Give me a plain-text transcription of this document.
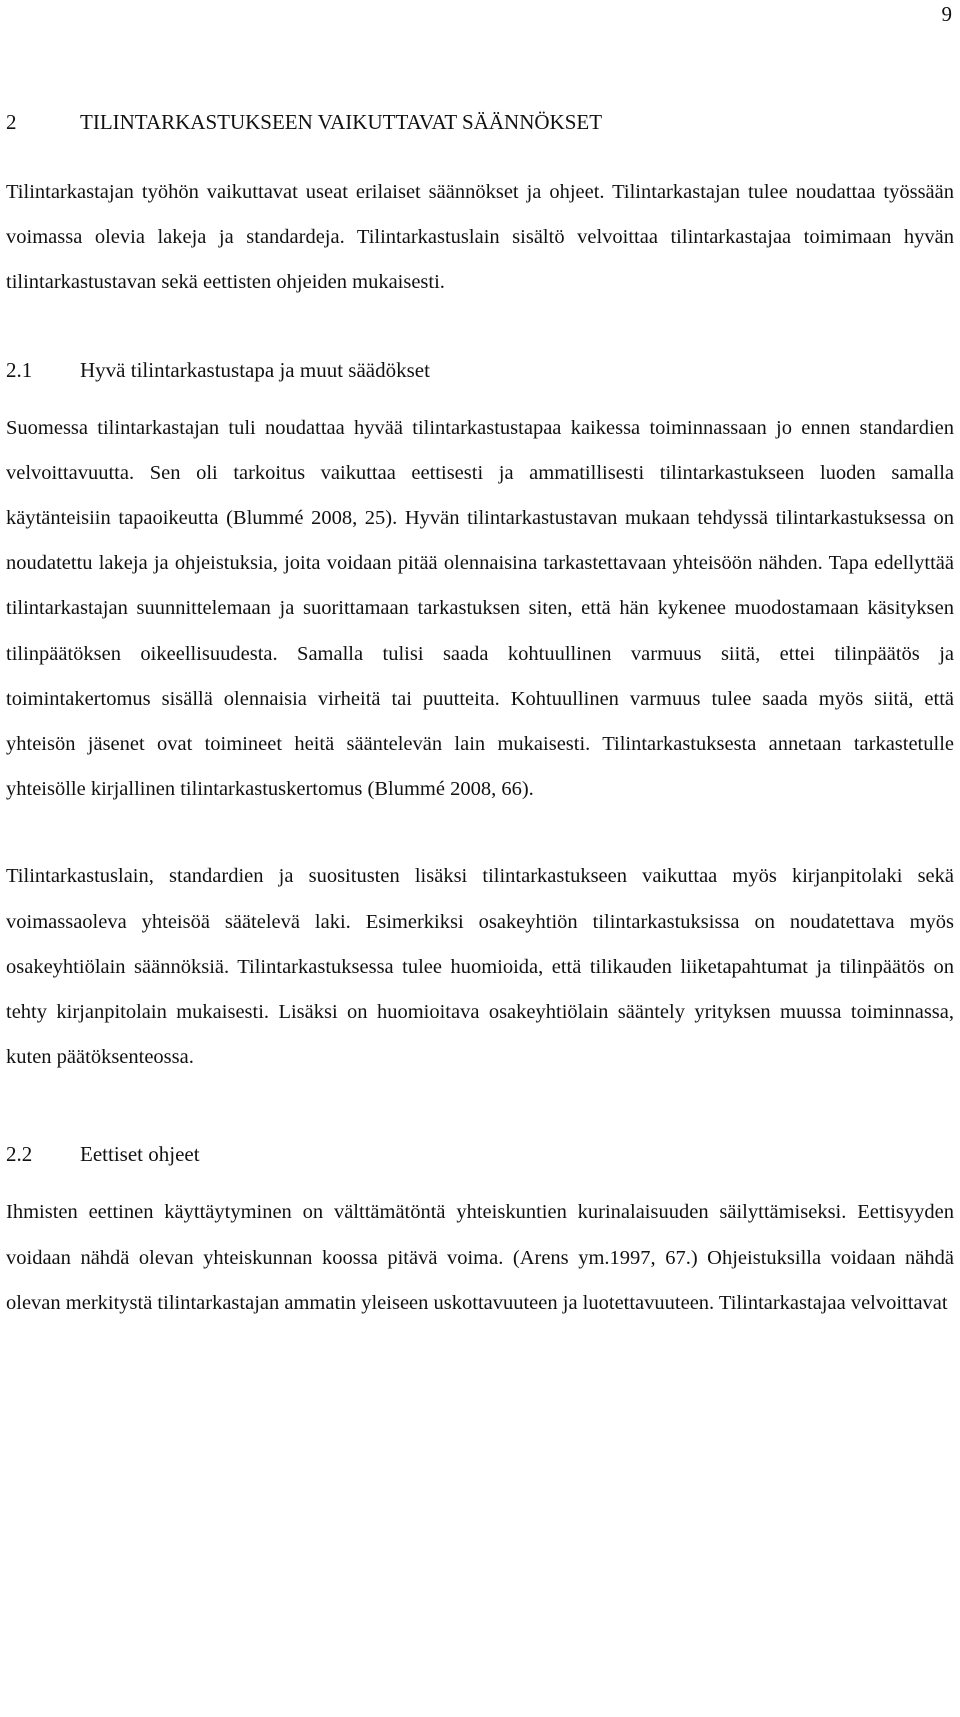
9
2	TILINTARKASTUKSEEN VAIKUTTAVAT SÄÄNNÖKSET

Tilintarkastajan työhön vaikuttavat useat erilaiset säännökset ja ohjeet. Tilintarkastajan tulee noudattaa työssään voimassa olevia lakeja ja standardeja. Tilintarkastuslain sisältö velvoittaa tilintarkastajaa toimimaan hyvän tilintarkastustavan sekä eettisten ohjeiden mukaisesti.

2.1	Hyvä tilintarkastustapa ja muut säädökset

Suomessa tilintarkastajan tuli noudattaa hyvää tilintarkastustapaa kaikessa toiminnassaan jo ennen standardien velvoittavuutta. Sen oli tarkoitus vaikuttaa eettisesti ja ammatillisesti tilintarkastukseen luoden samalla käytänteisiin tapaoikeutta (Blummé 2008, 25). Hyvän tilintarkastustavan mukaan tehdyssä tilintarkastuksessa on noudatettu lakeja ja ohjeistuksia, joita voidaan pitää olennaisina tarkastettavaan yhteisöön nähden. Tapa edellyttää tilintarkastajan suunnittelemaan ja suorittamaan tarkastuksen siten, että hän kykenee muodostamaan käsityksen tilinpäätöksen oikeellisuudesta. Samalla tulisi saada kohtuullinen varmuus siitä, ettei tilinpäätös ja toimintakertomus sisällä olennaisia virheitä tai puutteita. Kohtuullinen varmuus tulee saada myös siitä, että yhteisön jäsenet ovat toimineet heitä sääntelevän lain mukaisesti. Tilintarkastuksesta annetaan tarkastetulle yhteisölle kirjallinen tilintarkastuskertomus (Blummé 2008, 66).

Tilintarkastuslain, standardien ja suositusten lisäksi tilintarkastukseen vaikuttaa myös kirjanpitolaki sekä voimassaoleva yhteisöä säätelevä laki. Esimerkiksi osakeyhtiön tilintarkastuksissa on noudatettava myös osakeyhtiölain säännöksiä. Tilintarkastuksessa tulee huomioida, että tilikauden liiketapahtumat ja tilinpäätös on tehty kirjanpitolain mukaisesti. Lisäksi on huomioitava osakeyhtiölain sääntely yrityksen muussa toiminnassa, kuten päätöksenteossa.

2.2	Eettiset ohjeet

Ihmisten eettinen käyttäytyminen on välttämätöntä yhteiskuntien kurinalaisuuden säilyttämiseksi. Eettisyyden voidaan nähdä olevan yhteiskunnan koossa pitävä voima. (Arens ym.1997, 67.) Ohjeistuksilla voidaan nähdä olevan merkitystä tilintarkastajan ammatin yleiseen uskottavuuteen ja luotettavuuteen. Tilintarkastajaa velvoittavat
